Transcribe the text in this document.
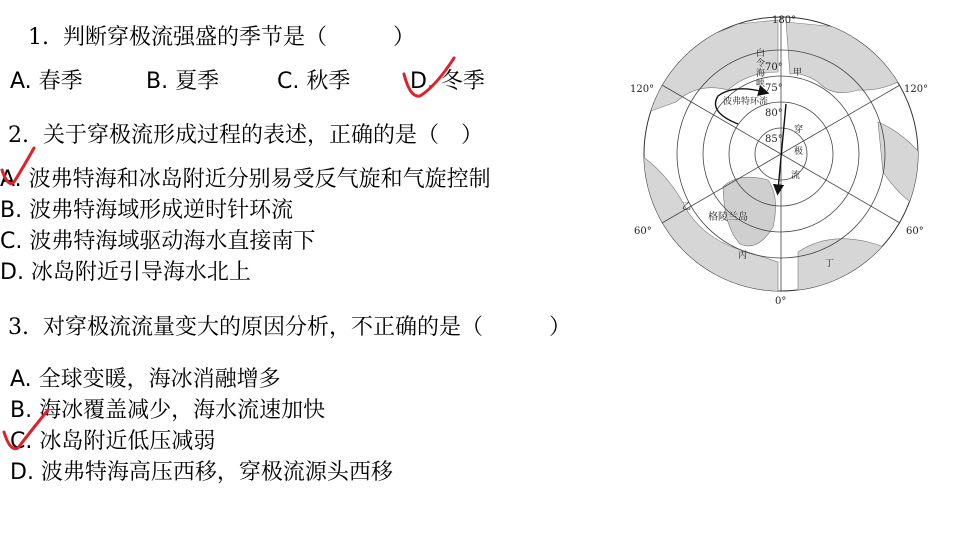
1. 判断穿极流强盛的季节是（　　　）
A. 春季	B. 夏季	C. 秋季	D. 冬季
2. 关于穿极流形成过程的表述，正确的是（　）
A. 波弗特海和冰岛附近分别易受反气旋和气旋控制
B. 波弗特海域形成逆时针环流
C. 波弗特海域驱动海水直接南下
D. 冰岛附近引导海水北上
3. 对穿极流流量变大的原因分析，不正确的是（　　　）
A. 全球变暖，海冰消融增多
B. 海冰覆盖减少，海水流速加快
C. 冰岛附近低压减弱
D. 波弗特海高压西移，穿极流源头西移
180°
120°	120°
60°	60°
0°
70°
75°
80°
85°
白
令
海
峡
波弗特环流
穿
极
流
格陵兰岛
甲
乙
丙
丁
